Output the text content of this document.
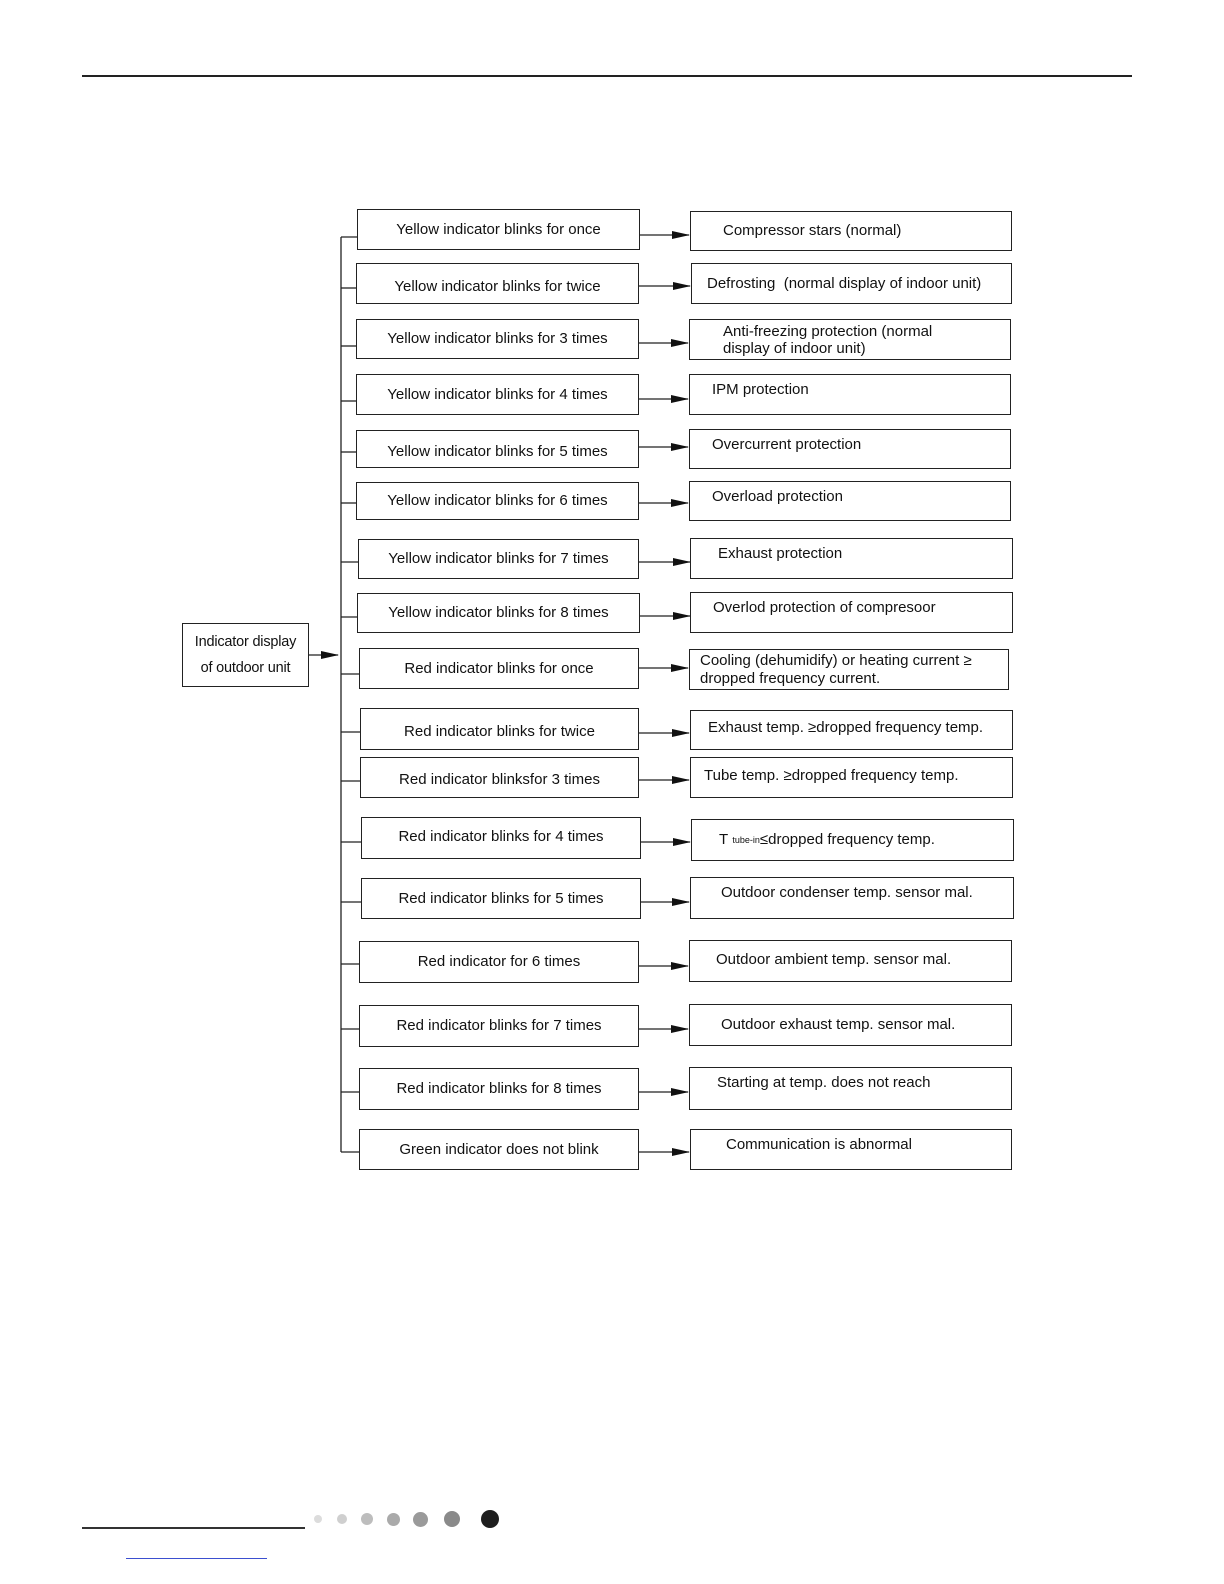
Indicator display
of outdoor unit
Yellow indicator blinks for once
Yellow indicator blinks for twice
Yellow indicator blinks for 3 times
Yellow indicator blinks for 4 times
Yellow indicator blinks for 5 times
Yellow indicator blinks for 6 times
Yellow indicator blinks for 7 times
Yellow indicator blinks for 8 times
Red indicator blinks for once
Red indicator blinks for twice
Red indicator blinksfor 3 times
Red indicator blinks for 4 times
Red indicator blinks for 5 times
Red indicator for 6 times
Red indicator blinks for 7 times
Red indicator blinks for 8 times
Green indicator does not blink
Compressor stars (normal)
Defrosting  (normal display of indoor unit)
Anti-freezing protection (normal
display of indoor unit)
IPM protection
Overcurrent protection
Overload protection
Exhaust protection
Overlod protection of compresoor
Cooling (dehumidify) or heating current ≥
dropped frequency current.
Exhaust temp. ≥dropped frequency temp.
Tube temp. ≥dropped frequency temp.
T
tube-in ≤dropped frequency temp.
Outdoor condenser temp. sensor mal.
Outdoor ambient temp. sensor mal.
Outdoor exhaust temp. sensor mal.
Starting at temp. does not reach
Communication is abnormal
